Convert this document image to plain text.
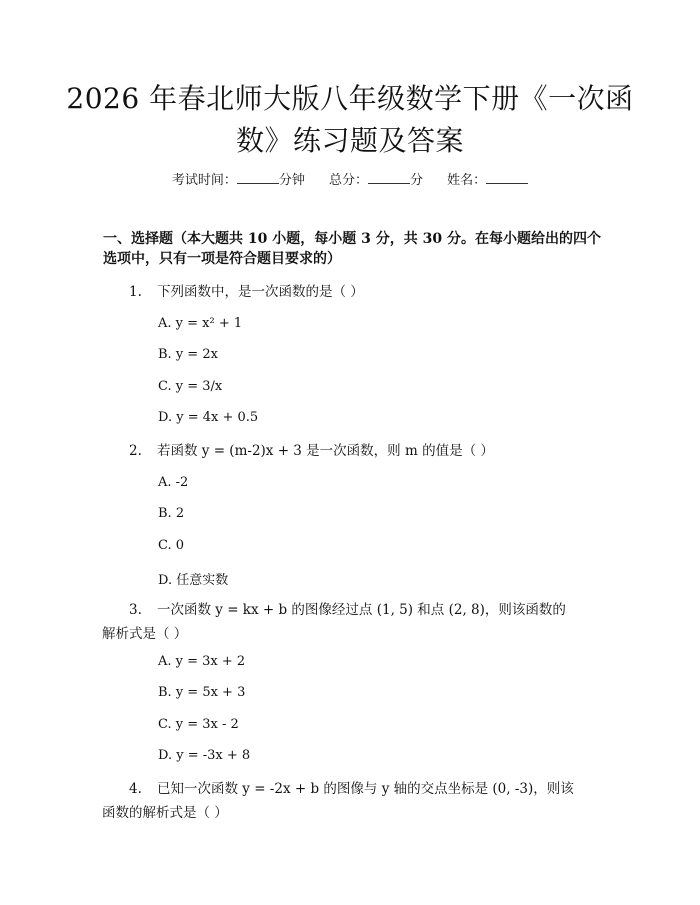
2026 年春北师大版八年级数学下册《一次函
数》练习题及答案
考试时间：	分钟 总分：	分 姓名：
一、选择题（本大题共 10 小题，每小题 3 分，共 30 分。在每小题给出的四个选项中，只有一项是符合题目要求的）
1. 下列函数中，是一次函数的是（ ）
A. y = x² + 1
B. y = 2x
C. y = 3/x
D. y = 4x + 0.5
2. 若函数 y = (m-2)x + 3 是一次函数，则 m 的值是（ ）
A. -2
B. 2
C. 0
D. 任意实数
3. 一次函数 y = kx + b 的图像经过点 (1, 5) 和点 (2, 8)，则该函数的
解析式是（ ）
A. y = 3x + 2
B. y = 5x + 3
C. y = 3x - 2
D. y = -3x + 8
4. 已知一次函数 y = -2x + b 的图像与 y 轴的交点坐标是 (0, -3)，则该
函数的解析式是（ ）
